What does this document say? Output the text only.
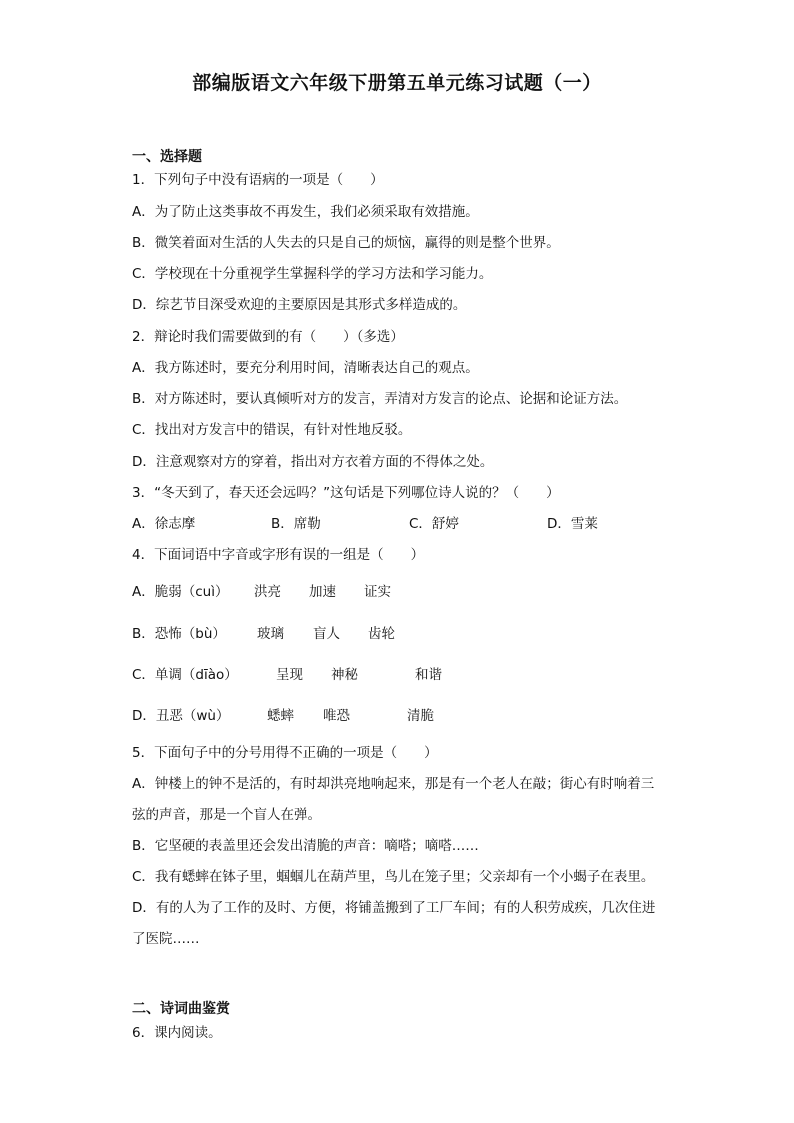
部编版语文六年级下册第五单元练习试题（一）
一、选择题
1．下列句子中没有语病的一项是（　　）
A．为了防止这类事故不再发生，我们必须采取有效措施。
B．微笑着面对生活的人失去的只是自己的烦恼，赢得的则是整个世界。
C．学校现在十分重视学生掌握科学的学习方法和学习能力。
D．综艺节目深受欢迎的主要原因是其形式多样造成的。
2．辩论时我们需要做到的有（　　）（多选）
A．我方陈述时，要充分利用时间，清晰表达自己的观点。
B．对方陈述时，要认真倾听对方的发言，弄清对方发言的论点、论据和论证方法。
C．找出对方发言中的错误，有针对性地反驳。
D．注意观察对方的穿着，指出对方衣着方面的不得体之处。
3．“冬天到了，春天还会远吗？”这句话是下列哪位诗人说的？（　　）
A．徐志摩	B．席勒	C．舒婷	D．雪莱
4．下面词语中字音或字形有误的一组是（　　）
A．脆弱（cuì） 洪亮 加速 证实
B．恐怖（bù） 玻璃 盲人 齿轮
C．单调（dīào）	呈现 神秘	和谐
D．丑恶（wù）	蟋蟀 唯恐	清脆
5．下面句子中的分号用得不正确的一项是（　　）
A．钟楼上的钟不是活的，有时却洪亮地响起来，那是有一个老人在敲；街心有时响着三弦的声音，那是一个盲人在弹。
B．它坚硬的表盖里还会发出清脆的声音：嘀嗒；嘀嗒……
C．我有蟋蟀在钵子里，蝈蝈儿在葫芦里，鸟儿在笼子里；父亲却有一个小蝎子在表里。
D．有的人为了工作的及时、方便，将铺盖搬到了工厂车间；有的人积劳成疾，几次住进了医院……
二、诗词曲鉴赏
6．课内阅读。
